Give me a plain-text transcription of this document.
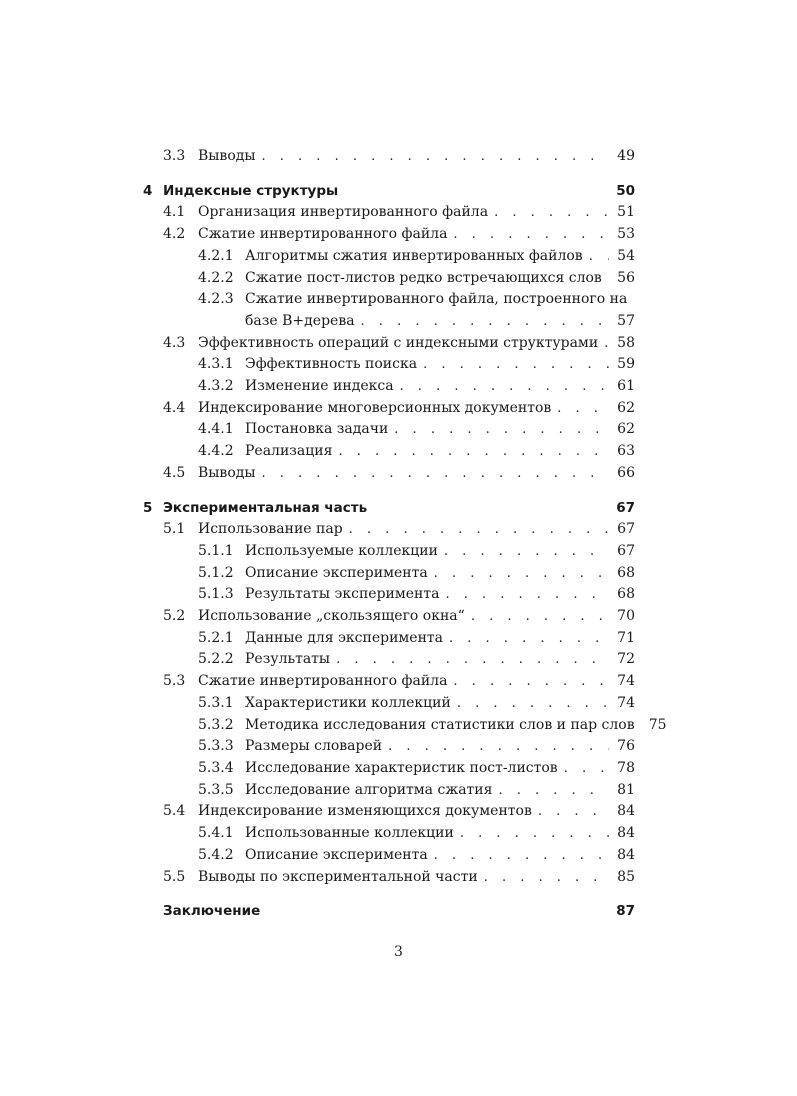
3.3 Выводы . . .	49
4 Индексные структуры	50
4.1 Организация инвертированного файла . . .	51
4.2 Сжатие инвертированного файла . . .	53
4.2.1 Алгоритмы сжатия инвертированных файлов . . . 54
4.2.2 Сжатие пост-листов редко встречающихся слов . . . 56
4.2.3 Сжатие инвертированного файла, построенного на
базе B+дерева . . .	57
4.3 Эффективность операций с индексными структурами . . . 58
4.3.1 Эффективность поиска . . .	59
4.3.2 Изменение индекса . . .	61
4.4 Индексирование многоверсионных документов . . .	62
4.4.1 Постановка задачи . . .	62
4.4.2 Реализация . . .	63
4.5 Выводы . . .	66
5 Экспериментальная часть	67
5.1 Использование пар . . .	67
5.1.1 Используемые коллекции . . .	67
5.1.2 Описание эксперимента . . .	68
5.1.3 Результаты эксперимента . . .	68
5.2 Использование „скользящего окна“ . . .	70
5.2.1 Данные для эксперимента . . .	71
5.2.2 Результаты . . .	72
5.3 Сжатие инвертированного файла . . .	74
5.3.1 Характеристики коллекций . . .	74
5.3.2 Методика исследования статистики слов и пар слов 75
5.3.3 Размеры словарей . . .	76
5.3.4 Исследование характеристик пост-листов . . .	78
5.3.5 Исследование алгоритма сжатия . . .	81
5.4 Индексирование изменяющихся документов . . .	84
5.4.1 Использованные коллекции . . .	84
5.4.2 Описание эксперимента . . .	84
5.5 Выводы по экспериментальной части . . .	85
Заключение	87
3
